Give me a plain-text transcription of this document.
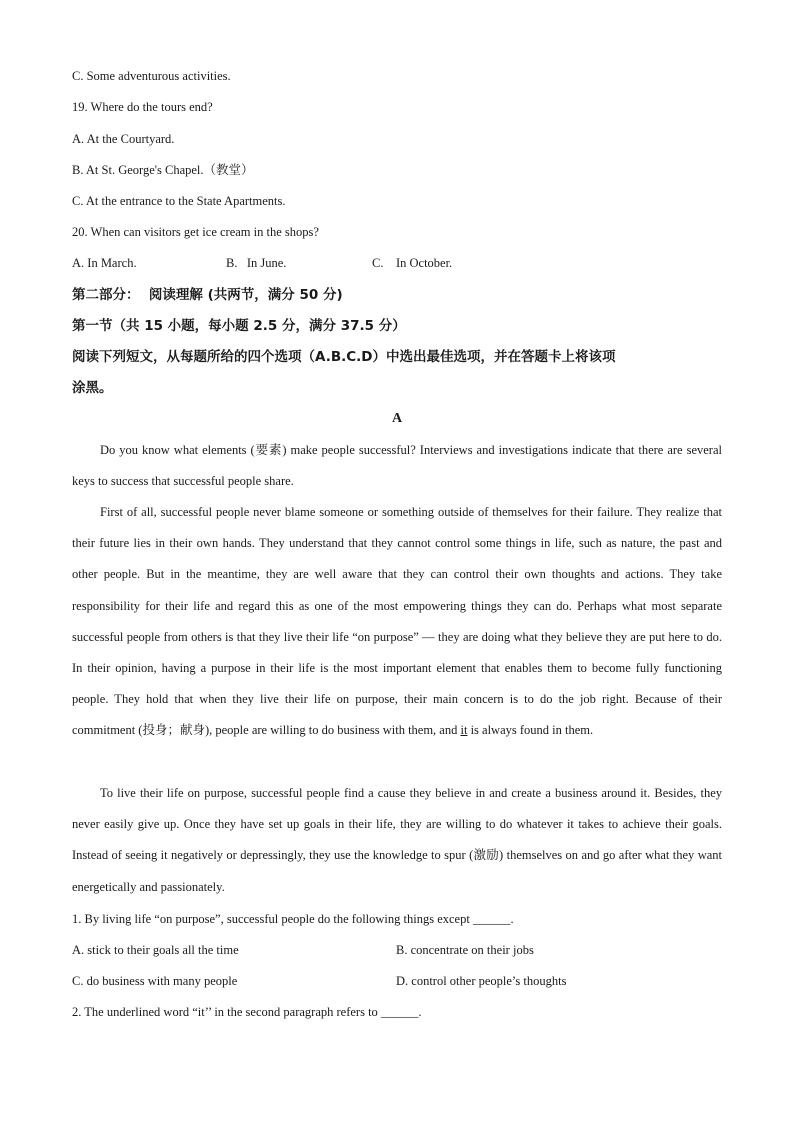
C. Some adventurous activities.
19. Where do the tours end?
A. At the Courtyard.
B. At St. George's Chapel.（教堂）
C. At the entrance to the State Apartments.
20. When can visitors get ice cream in the shops?
A. In March.	B.   In June.	C.    In October.
第二部分：  阅读理解 (共两节，满分 50 分)
第一节（共 15 小题，每小题 2.5 分，满分 37.5 分）
阅读下列短文，从每题所给的四个选项（A.B.C.D）中选出最佳选项，并在答题卡上将该项
涂黑。
A
Do you know what elements (要素) make people successful? Interviews and investigations indicate that there are several keys to success that successful people share.
First of all, successful people never blame someone or something outside of themselves for their failure. They realize that their future lies in their own hands. They understand that they cannot control some things in life, such as nature, the past and other people. But in the meantime, they are well aware that they can control their own thoughts and actions. They take responsibility for their life and regard this as one of the most empowering things they can do. Perhaps what most separate successful people from others is that they live their life “on purpose” — they are doing what they believe they are put here to do. In their opinion, having a purpose in their life is the most important element that enables them to become fully functioning people. They hold that when they live their life on purpose, their main concern is to do the job right. Because of their commitment (投身；献身), people are willing to do business with them, and it is always found in them.
To live their life on purpose, successful people find a cause they believe in and create a business around it. Besides, they never easily give up. Once they have set up goals in their life, they are willing to do whatever it takes to achieve their goals. Instead of seeing it negatively or depressingly, they use the knowledge to spur (激励) themselves on and go after what they want energetically and passionately.
1. By living life “on purpose”, successful people do the following things except ______.
A. stick to their goals all the time	B. concentrate on their jobs
C. do business with many people	D. control other people’s thoughts
2. The underlined word “it’’ in the second paragraph refers to ______.
